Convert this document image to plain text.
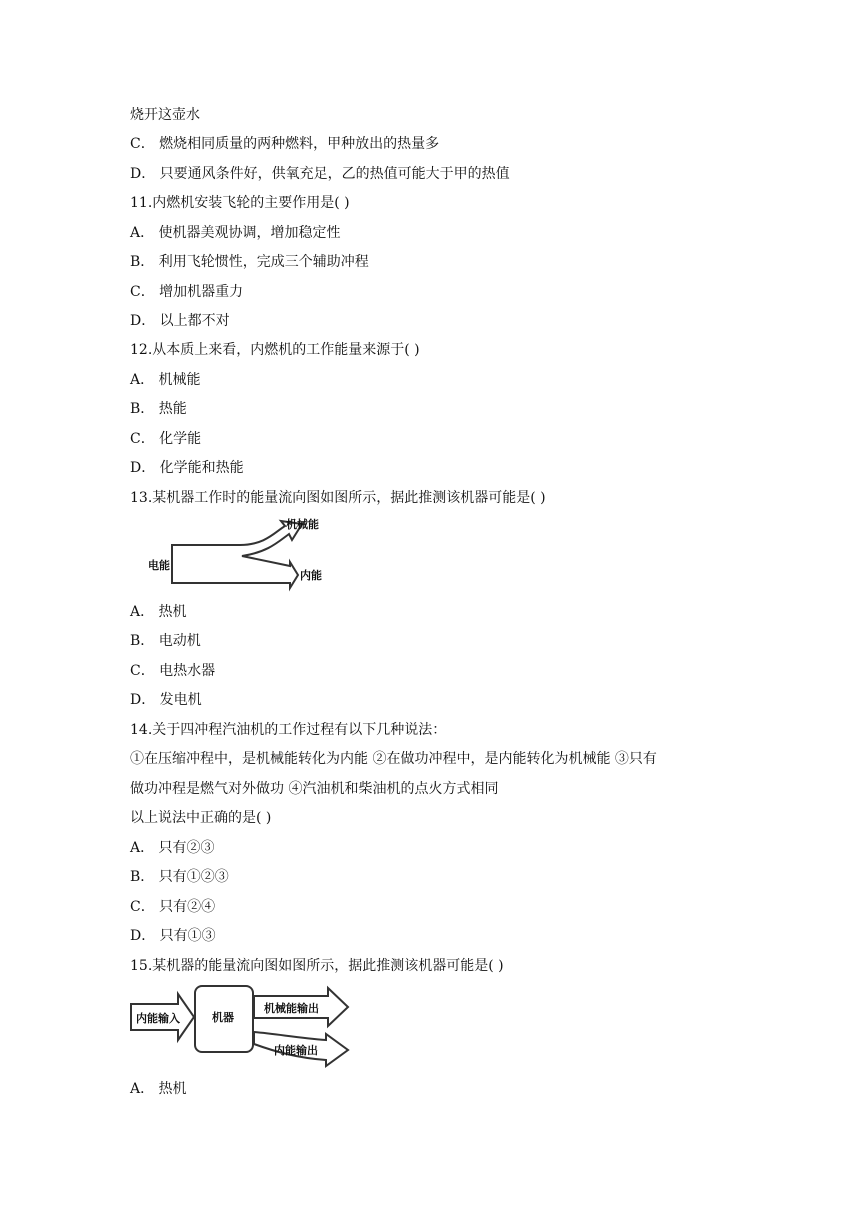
烧开这壶水
C． 燃烧相同质量的两种燃料，甲种放出的热量多
D． 只要通风条件好，供氧充足，乙的热值可能大于甲的热值
11.内燃机安装飞轮的主要作用是( )
A． 使机器美观协调，增加稳定性
B． 利用飞轮惯性，完成三个辅助冲程
C． 增加机器重力
D． 以上都不对
12.从本质上来看，内燃机的工作能量来源于( )
A． 机械能
B． 热能
C． 化学能
D． 化学能和热能
13.某机器工作时的能量流向图如图所示，据此推测该机器可能是( )
电能
机械能
内能
A． 热机
B． 电动机
C． 电热水器
D． 发电机
14.关于四冲程汽油机的工作过程有以下几种说法：
①在压缩冲程中，是机械能转化为内能 ②在做功冲程中，是内能转化为机械能 ③只有
做功冲程是燃气对外做功 ④汽油机和柴油机的点火方式相同
以上说法中正确的是( )
A． 只有②③
B． 只有①②③
C． 只有②④
D． 只有①③
15.某机器的能量流向图如图所示，据此推测该机器可能是( )
内能输入	机器
机械能输出
内能输出
A． 热机
